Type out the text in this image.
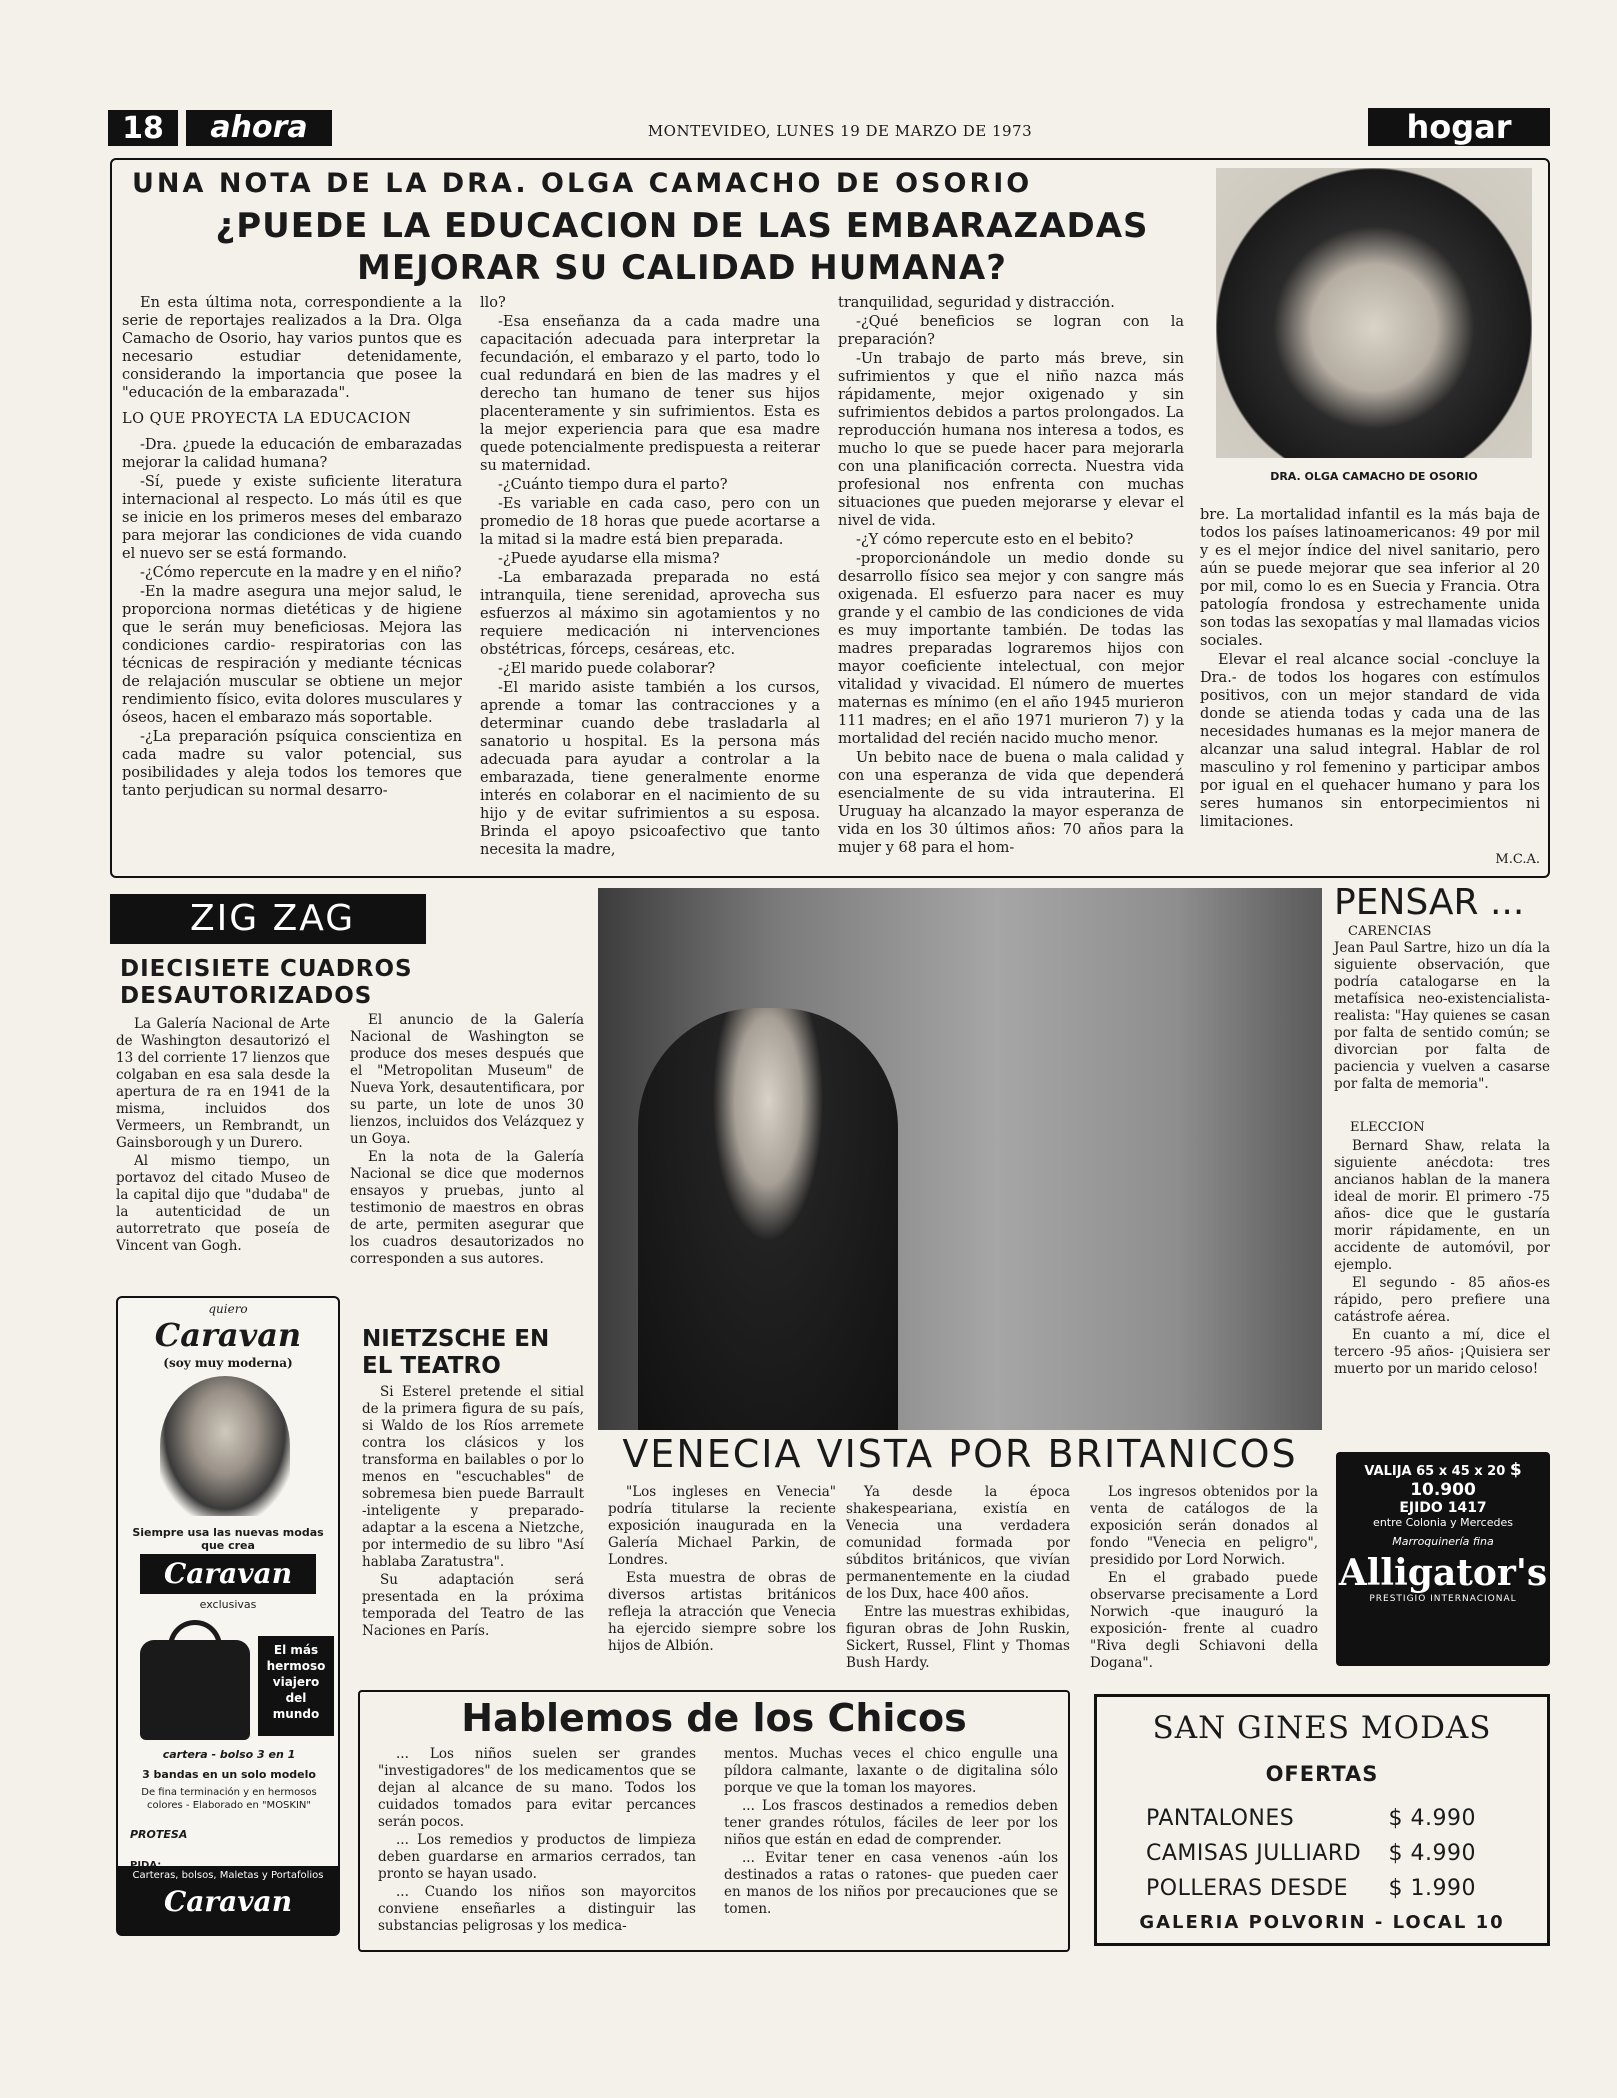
18	ahora	MONTEVIDEO, LUNES 19 DE MARZO DE 1973	hogar
UNA NOTA DE LA DRA. OLGA CAMACHO DE OSORIO
¿PUEDE LA EDUCACION DE LAS EMBARAZADAS
MEJORAR SU CALIDAD HUMANA?
DRA. OLGA CAMACHO DE OSORIO

En esta última nota, correspondiente a la serie de reportajes realizados a la Dra. Olga Camacho de Osorio, hay varios puntos que es necesario estudiar detenidamente, considerando la importancia que posee la "educación de la embarazada".

LO QUE PROYECTA LA EDUCACION

-Dra. ¿puede la educación de embarazadas mejorar la calidad humana?

-Sí, puede y existe suficiente literatura internacional al respecto. Lo más útil es que se inicie en los primeros meses del embarazo para mejorar las condiciones de vida cuando el nuevo ser se está formando.

-¿Cómo repercute en la madre y en el niño?

-En la madre asegura una mejor salud, le proporciona normas dietéticas y de higiene que le serán muy beneficiosas. Mejora las condiciones cardio- respiratorias con las técnicas de respiración y mediante técnicas de relajación muscular se obtiene un mejor rendimiento físico, evita dolores musculares y óseos, hacen el embarazo más soportable.

-¿La preparación psíquica conscientiza en cada madre su valor potencial, sus posibilidades y aleja todos los temores que tanto perjudican su normal desarro-

llo?

-Esa enseñanza da a cada madre una capacitación adecuada para interpretar la fecundación, el embarazo y el parto, todo lo cual redundará en bien de las madres y el derecho tan humano de tener sus hijos placenteramente y sin sufrimientos. Esta es la mejor experiencia para que esa madre quede potencialmente predispuesta a reiterar su maternidad.

-¿Cuánto tiempo dura el parto?

-Es variable en cada caso, pero con un promedio de 18 horas que puede acortarse a la mitad si la madre está bien preparada.

-¿Puede ayudarse ella misma?

-La embarazada preparada no está intranquila, tiene serenidad, aprovecha sus esfuerzos al máximo sin agotamientos y no requiere medicación ni intervenciones obstétricas, fórceps, cesáreas, etc.

-¿El marido puede colaborar?

-El marido asiste también a los cursos, aprende a tomar las contracciones y a determinar cuando debe trasladarla al sanatorio u hospital. Es la persona más adecuada para ayudar a controlar a la embarazada, tiene generalmente enorme interés en colaborar en el nacimiento de su hijo y de evitar sufrimientos a su esposa. Brinda el apoyo psicoafectivo que tanto necesita la madre,

tranquilidad, seguridad y distracción.

-¿Qué beneficios se logran con la preparación?

-Un trabajo de parto más breve, sin sufrimientos y que el niño nazca más rápidamente, mejor oxigenado y sin sufrimientos debidos a partos prolongados. La reproducción humana nos interesa a todos, es mucho lo que se puede hacer para mejorarla con una planificación correcta. Nuestra vida profesional nos enfrenta con muchas situaciones que pueden mejorarse y elevar el nivel de vida.

-¿Y cómo repercute esto en el bebito?

-proporcionándole un medio donde su desarrollo físico sea mejor y con sangre más oxigenada. El esfuerzo para nacer es muy grande y el cambio de las condiciones de vida es muy importante también. De todas las madres preparadas lograremos hijos con mayor coeficiente intelectual, con mejor vitalidad y vivacidad. El número de muertes maternas es mínimo (en el año 1945 murieron 111 madres; en el año 1971 murieron 7) y la mortalidad del recién nacido mucho menor.

Un bebito nace de buena o mala calidad y con una esperanza de vida que dependerá esencialmente de su vida intrauterina. El Uruguay ha alcanzado la mayor esperanza de vida en los 30 últimos años: 70 años para la mujer y 68 para el hom-

bre. La mortalidad infantil es la más baja de todos los países latinoamericanos: 49 por mil y es el mejor índice del nivel sanitario, pero aún se puede mejorar que sea inferior al 20 por mil, como lo es en Suecia y Francia. Otra patología frondosa y estrechamente unida son todas las sexopatías y mal llamadas vicios sociales.

Elevar el real alcance social -concluye la Dra.- de todos los hogares con estímulos positivos, con un mejor standard de vida donde se atienda todas y cada una de las necesidades humanas es la mejor manera de alcanzar una salud integral. Hablar de rol masculino y rol femenino y participar ambos por igual en el quehacer humano y para los seres humanos sin entorpecimientos ni limitaciones.

M.C.A.
ZIG ZAG
DIECISIETE CUADROS DESAUTORIZADOS

La Galería Nacional de Arte de Washington desautorizó el 13 del corriente 17 lienzos que colgaban en esa sala desde la apertura de ra en 1941 de la misma, incluidos dos Vermeers, un Rembrandt, un Gainsborough y un Durero.

Al mismo tiempo, un portavoz del citado Museo de la capital dijo que "dudaba" de la autenticidad de un autorretrato que poseía de Vincent van Gogh.

El anuncio de la Galería Nacional de Washington se produce dos meses después que el "Metropolitan Museum" de Nueva York, desautentificara, por su parte, un lote de unos 30 lienzos, incluidos dos Velázquez y un Goya.

En la nota de la Galería Nacional se dice que modernos ensayos y pruebas, junto al testimonio de maestros en obras de arte, permiten asegurar que los cuadros desautorizados no corresponden a sus autores.

NIETZSCHE EN EL TEATRO

Si Esterel pretende el sitial de la primera figura de su país, si Waldo de los Ríos arremete contra los clásicos y los transforma en bailables o por lo menos en "escuchables" de sobremesa bien puede Barrault -inteligente y preparado- adaptar a la escena a Nietzche, por intermedio de su libro "Así hablaba Zaratustra".

Su adaptación será presentada en la próxima temporada del Teatro de las Naciones en París.

quiero
Caravan
(soy muy moderna)
Siempre usa las nuevas modas que crea
Caravan
exclusivas
El más hermoso viajero del mundo
cartera - bolso 3 en 1
3 bandas en un solo modelo
De fina terminación y en hermosos colores - Elaborado en "MOSKIN"
PROTESA
Carteras, bolsos, Maletas y Portafolios
Caravan
VENECIA VISTA POR BRITANICOS

"Los ingleses en Venecia" podría titularse la reciente exposición inaugurada en la Galería Michael Parkin, de Londres.

Esta muestra de obras de diversos artistas británicos refleja la atracción que Venecia ha ejercido siempre sobre los hijos de Albión.

Ya desde la época shakespeariana, existía en Venecia una verdadera comunidad formada por súbditos británicos, que vivían permanentemente en la ciudad de los Dux, hace 400 años.

Entre las muestras exhibidas, figuran obras de John Ruskin, Sickert, Russel, Flint y Thomas Bush Hardy.

Los ingresos obtenidos por la venta de catálogos de la exposición serán donados al fondo "Venecia en peligro", presidido por Lord Norwich.

En el grabado puede observarse precisamente a Lord Norwich -que inauguró la exposición- frente al cuadro "Riva degli Schiavoni della Dogana".

PENSAR ...
CARENCIAS
Jean Paul Sartre, hizo un día la siguiente observación, que podría catalogarse en la metafísica neo-existencialista-realista: "Hay quienes se casan por falta de sentido común; se divorcian por falta de paciencia y vuelven a casarse por falta de memoria".
ELECCION

Bernard Shaw, relata la siguiente anécdota: tres ancianos hablan de la manera ideal de morir. El primero -75 años- dice que le gustaría morir rápidamente, en un accidente de automóvil, por ejemplo.

El segundo - 85 años-es rápido, pero prefiere una catástrofe aérea.

En cuanto a mí, dice el tercero -95 años- ¡Quisiera ser muerto por un marido celoso!

VALIJA 65 x 45 x 20 $ 10.900
EJIDO 1417
entre Colonia y Mercedes
Marroquinería fina
Alligator's
PRESTIGIO INTERNACIONAL
Hablemos de los Chicos

... Los niños suelen ser grandes "investigadores" de los medicamentos que se dejan al alcance de su mano. Todos los cuidados tomados para evitar percances serán pocos.

... Los remedios y productos de limpieza deben guardarse en armarios cerrados, tan pronto se hayan usado.

... Cuando los niños son mayorcitos conviene enseñarles a distinguir las substancias peligrosas y los medica-

mentos. Muchas veces el chico engulle una píldora calmante, laxante o de digitalina sólo porque ve que la toman los mayores.

... Los frascos destinados a remedios deben tener grandes rótulos, fáciles de leer por los niños que están en edad de comprender.

... Evitar tener en casa venenos -aún los destinados a ratas o ratones- que pueden caer en manos de los niños por precauciones que se tomen.

SAN GINES MODAS
OFERTAS
PANTALONES	$ 4.990
CAMISAS JULLIARD $ 4.990
POLLERAS DESDE $ 1.990
GALERIA POLVORIN - LOCAL 10
